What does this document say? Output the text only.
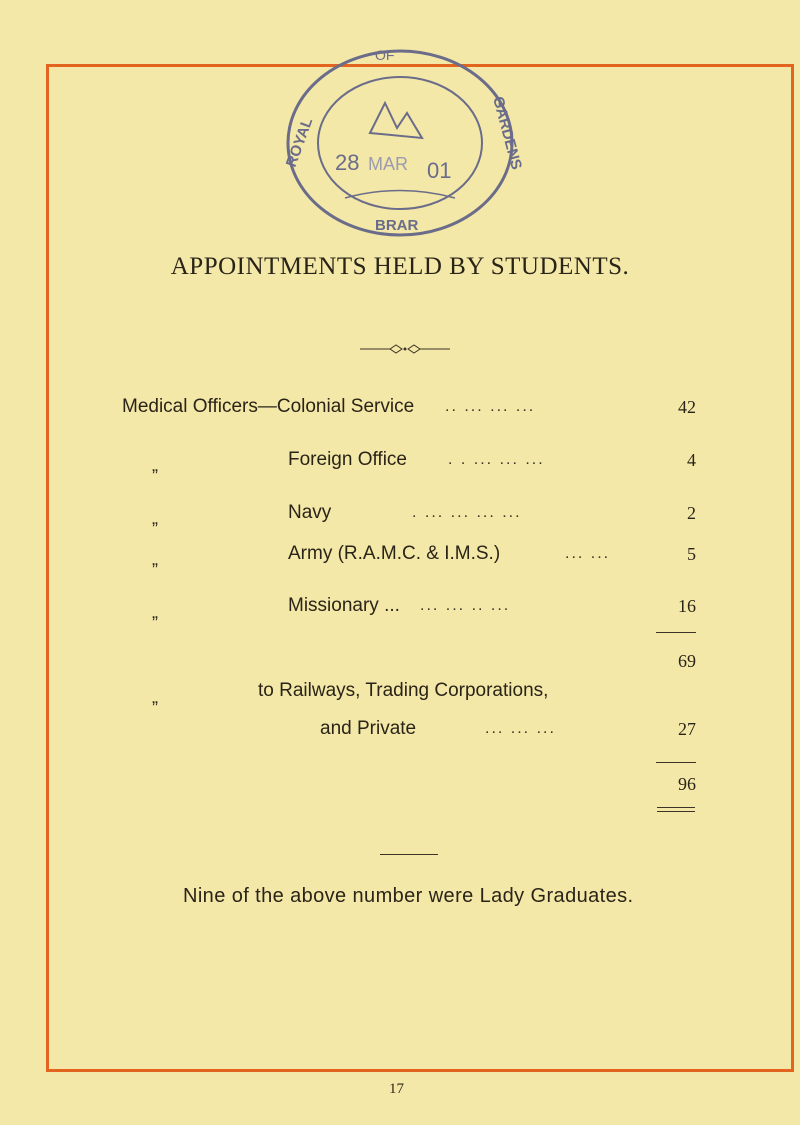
OF
ROYAL	GARDENS
BRAR
28 MAR 01
APPOINTMENTS HELD BY STUDENTS.
Medical Officers—Colonial Service .. ... ... ...	42
„	Foreign Office	. . ... ... ...	4
„	Navy	. ... ... ... ...	2
„	Army (R.A.M.C. & I.M.S.)	... ...	5
„	Missionary ... ... ... .. ...	16
69
„	to Railways, Trading Corporations,
and Private	... ... ...	27
96
Nine of the above number were Lady Graduates.
17
